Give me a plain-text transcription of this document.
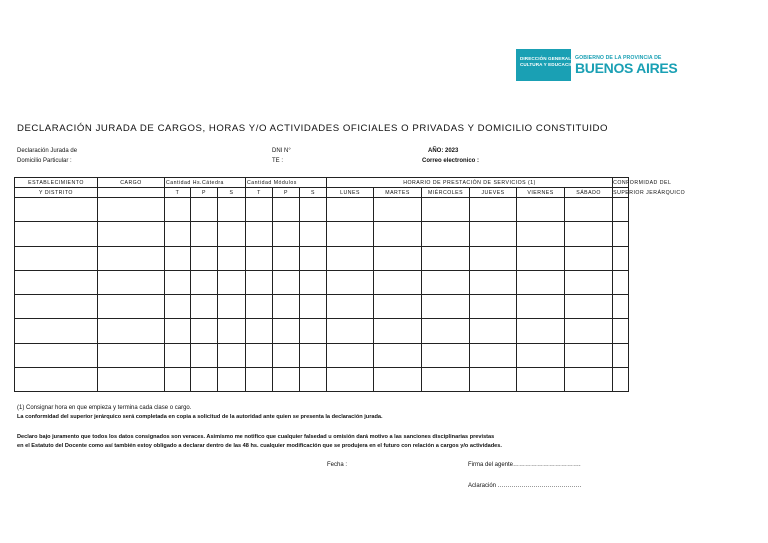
DIRECCIÓN GENERAL DE
CULTURA Y EDUCACIÓN
GOBIERNO DE LA PROVINCIA DE
BUENOS AIRES
DECLARACIÓN JURADA DE CARGOS, HORAS Y/O ACTIVIDADES OFICIALES O PRIVADAS Y DOMICILIO CONSTITUIDO
Declaración Jurada de
Domicilio Particular :
DNI N°
TE :
AÑO: 2023
Correo electronico :
ESTABLECIMIENTO	CARGO	Cantidad Hs.Cátedra			Cantidad Módulos			HORARIO DE PRESTACIÓN DE SERVICIOS (1)						CONFORMIDAD DEL
Y DISTRITO		T	P	S	T	P	S	LUNES	MARTES	MIÉRCOLES	JUEVES	VIERNES	SÁBADO	SUPERIOR JERÁRQUICO

(1) Consignar hora en que empieza y termina cada clase o cargo.
La conformidad del superior jerárquico será completada en copia a solicitud de la autoridad ante quien se presenta la declaración jurada.
Declaro bajo juramento que todos los datos consignados son veraces. Asimismo me notifico que cualquier falsedad u omisión dará motivo a las sanciones disciplinarias previstas
en el Estatuto del Docente como así también estoy obligado a declarar dentro de las 48 hs. cualquier modificación que se produjera en el futuro con relación a cargos y/o actividades.
Fecha :	Firma del agente…………………………….
Aclaración ……………………………………
